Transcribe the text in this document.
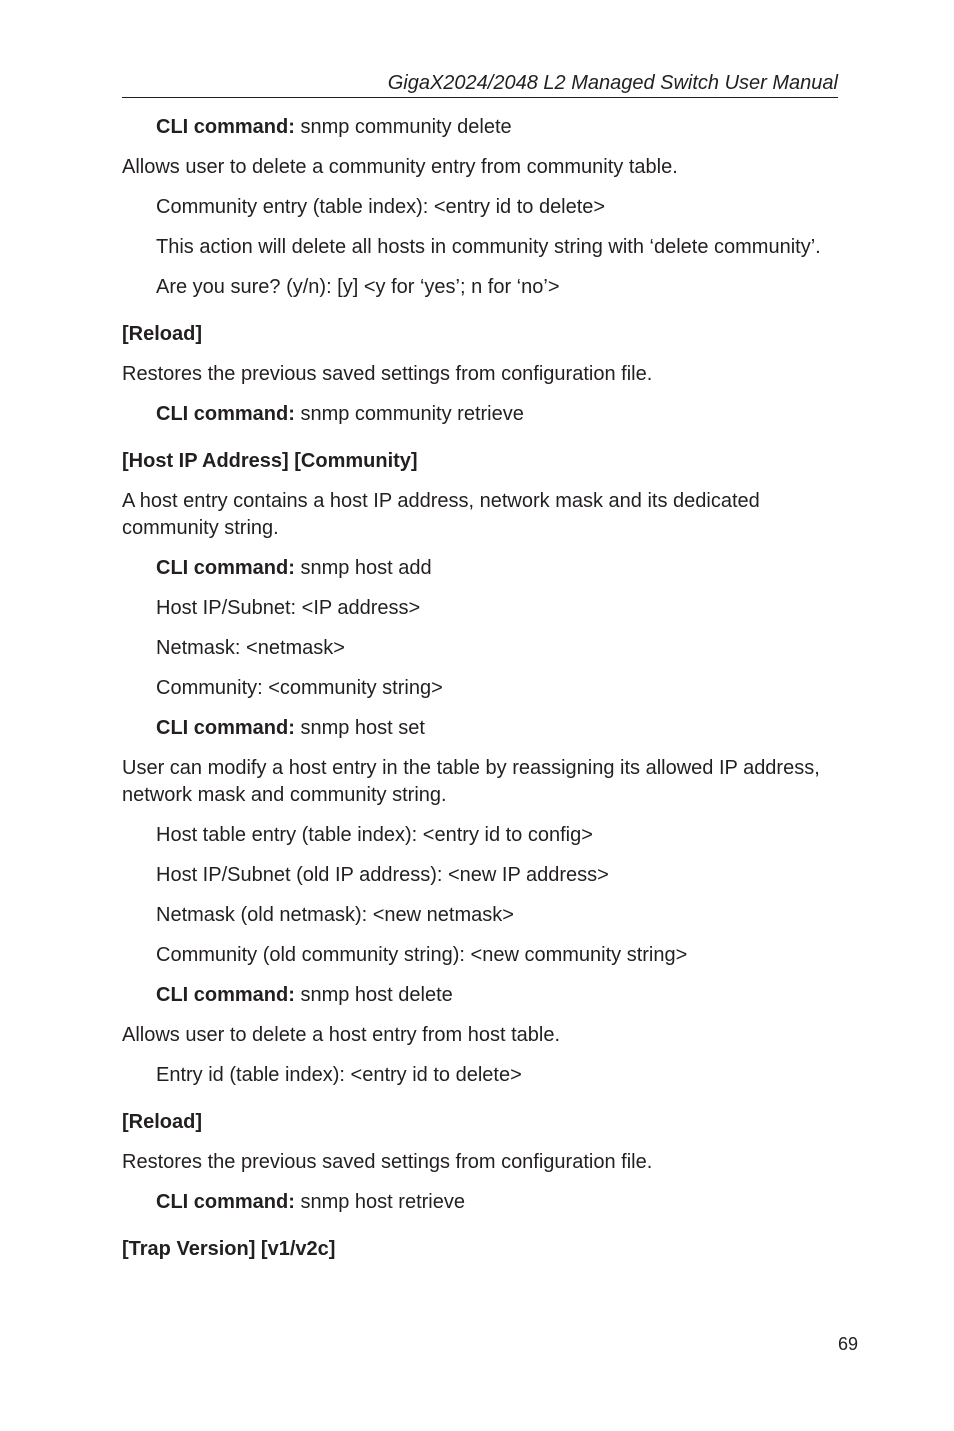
GigaX2024/2048 L2 Managed Switch User Manual
CLI command: snmp community delete
Allows user to delete a community entry from community table.
Community entry (table index): <entry id to delete>
This action will delete all hosts in community string with ‘delete community’.
Are you sure? (y/n): [y] <y for ‘yes’; n for ‘no’>
[Reload]
Restores the previous saved settings from configuration file.
CLI command: snmp community retrieve
[Host IP Address] [Community]
A host entry contains a host IP address, network mask and its dedicated community string.
CLI command: snmp host add
Host IP/Subnet: <IP address>
Netmask: <netmask>
Community: <community string>
CLI command: snmp host set
User can modify a host entry in the table by reassigning its allowed IP address, network mask and community string.
Host table entry (table index): <entry id to config>
Host IP/Subnet (old IP address): <new IP address>
Netmask (old netmask): <new netmask>
Community (old community string): <new community string>
CLI command: snmp host delete
Allows user to delete a host entry from host table.
Entry id (table index): <entry id to delete>
[Reload]
Restores the previous saved settings from configuration file.
CLI command: snmp host retrieve
[Trap Version] [v1/v2c]
69
